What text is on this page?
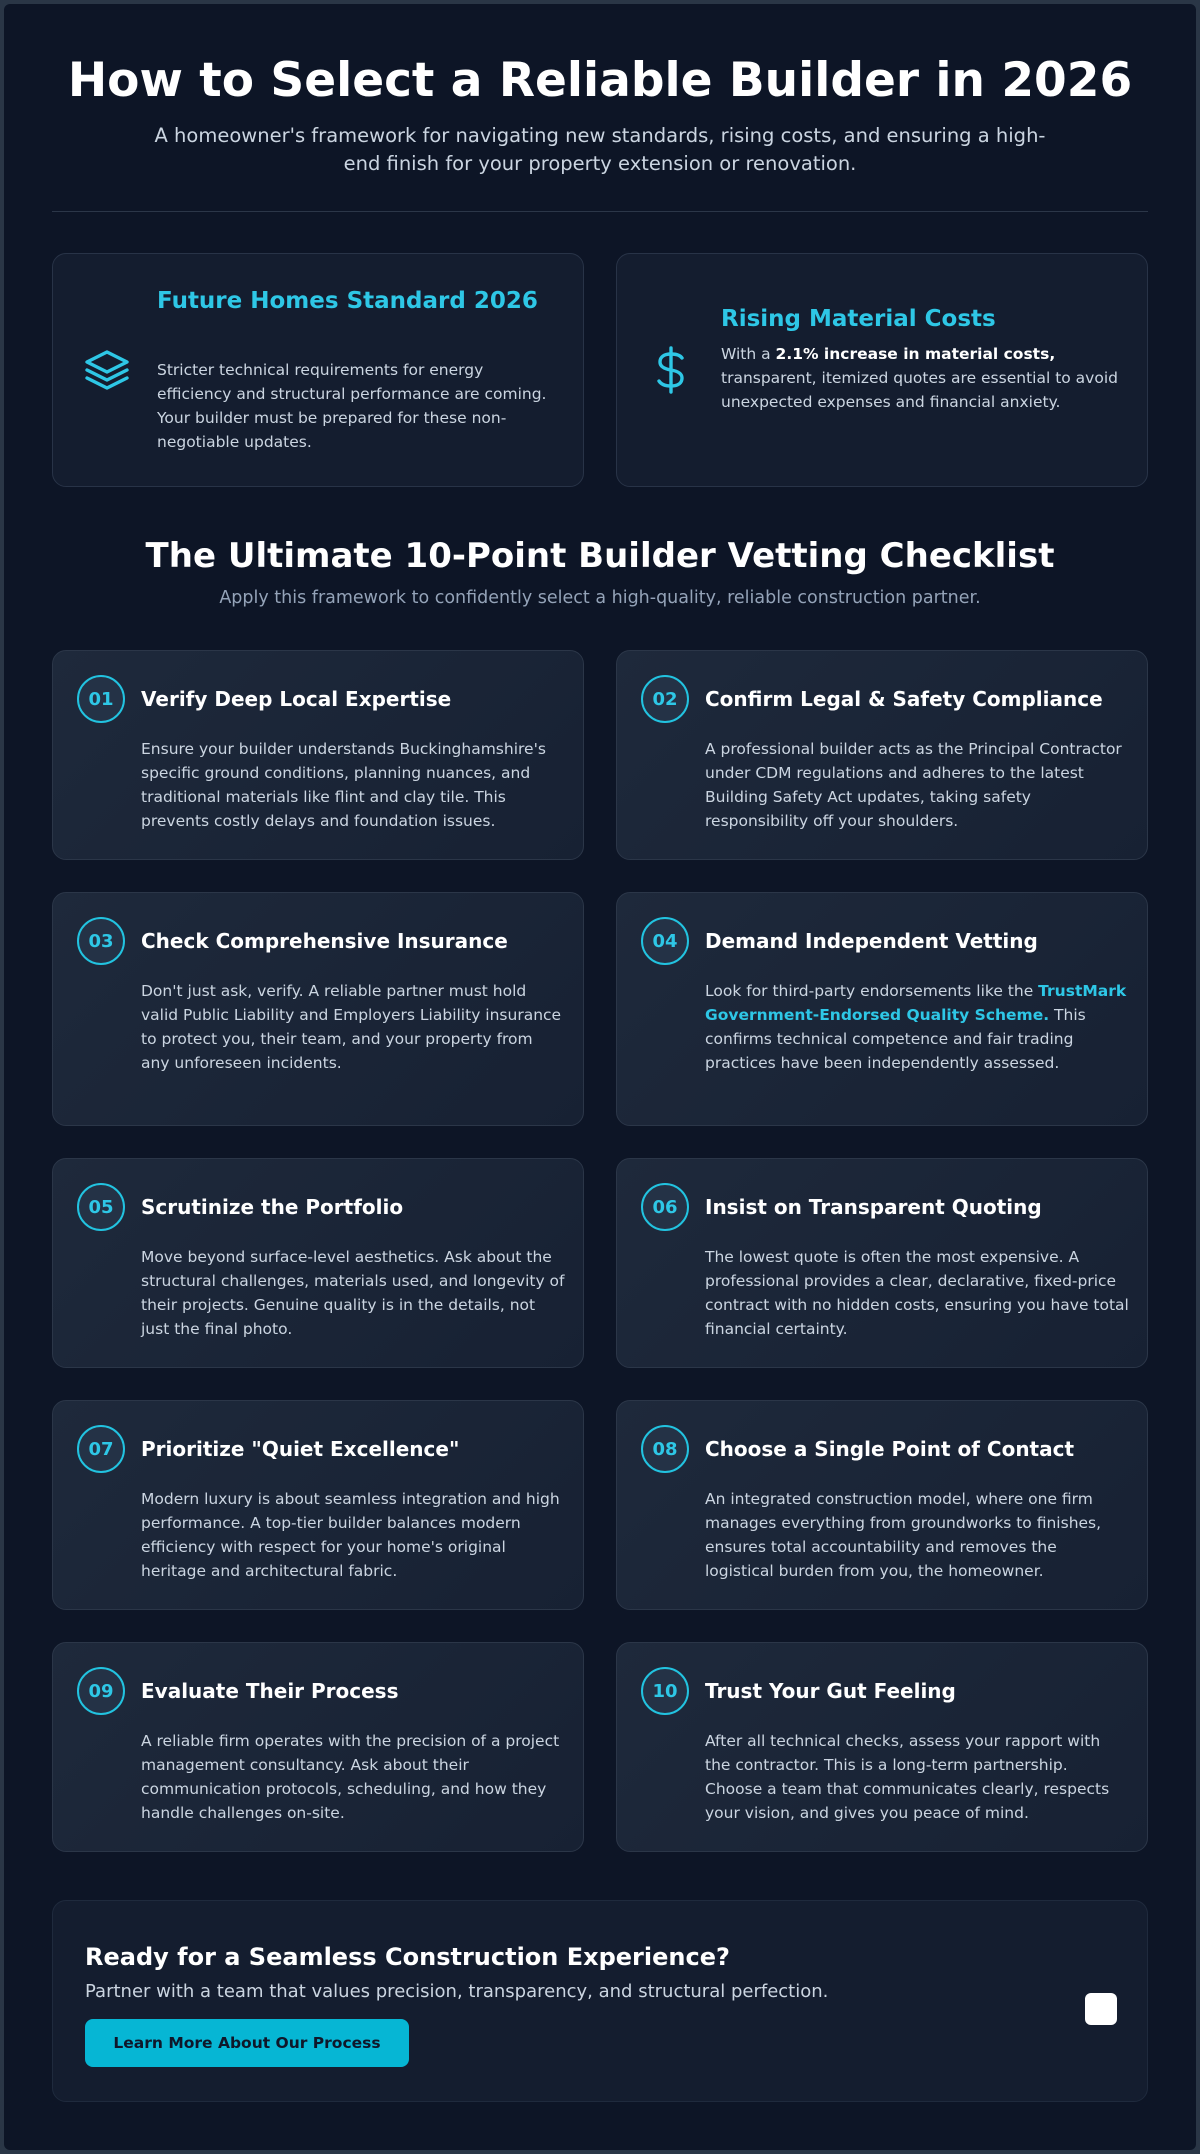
How to Select a Reliable Builder in 2026

A homeowner's framework for navigating new standards, rising costs, and ensuring a high-end finish for your property extension or renovation.

Future Homes Standard 2026
Stricter technical requirements for energy efficiency and structural performance are coming. Your builder must be prepared for these non-negotiable updates.
Rising Material Costs
With a 2.1% increase in material costs, transparent, itemized quotes are essential to avoid unexpected expenses and financial anxiety.
The Ultimate 10-Point Builder Vetting Checklist

Apply this framework to confidently select a high-quality, reliable construction partner.

01	Verify Deep Local Expertise
Ensure your builder understands Buckinghamshire's specific ground conditions, planning nuances, and traditional materials like flint and clay tile. This prevents costly delays and foundation issues.
02	Confirm Legal & Safety Compliance
A professional builder acts as the Principal Contractor under CDM regulations and adheres to the latest Building Safety Act updates, taking safety responsibility off your shoulders.
03	Check Comprehensive Insurance
Don't just ask, verify. A reliable partner must hold valid Public Liability and Employers Liability insurance to protect you, their team, and your property from any unforeseen incidents.
04	Demand Independent Vetting
Look for third-party endorsements like the TrustMark Government-Endorsed Quality Scheme. This confirms technical competence and fair trading practices have been independently assessed.
05	Scrutinize the Portfolio
Move beyond surface-level aesthetics. Ask about the structural challenges, materials used, and longevity of their projects. Genuine quality is in the details, not just the final photo.
06	Insist on Transparent Quoting
The lowest quote is often the most expensive. A professional provides a clear, declarative, fixed-price contract with no hidden costs, ensuring you have total financial certainty.
07	Prioritize "Quiet Excellence"
Modern luxury is about seamless integration and high performance. A top-tier builder balances modern efficiency with respect for your home's original heritage and architectural fabric.
08	Choose a Single Point of Contact
An integrated construction model, where one firm manages everything from groundworks to finishes, ensures total accountability and removes the logistical burden from you, the homeowner.
09	Evaluate Their Process
A reliable firm operates with the precision of a project management consultancy. Ask about their communication protocols, scheduling, and how they handle challenges on-site.
10	Trust Your Gut Feeling
After all technical checks, assess your rapport with the contractor. This is a long-term partnership. Choose a team that communicates clearly, respects your vision, and gives you peace of mind.
Ready for a Seamless Construction Experience?
Partner with a team that values precision, transparency, and structural perfection.
Learn More About Our Process
